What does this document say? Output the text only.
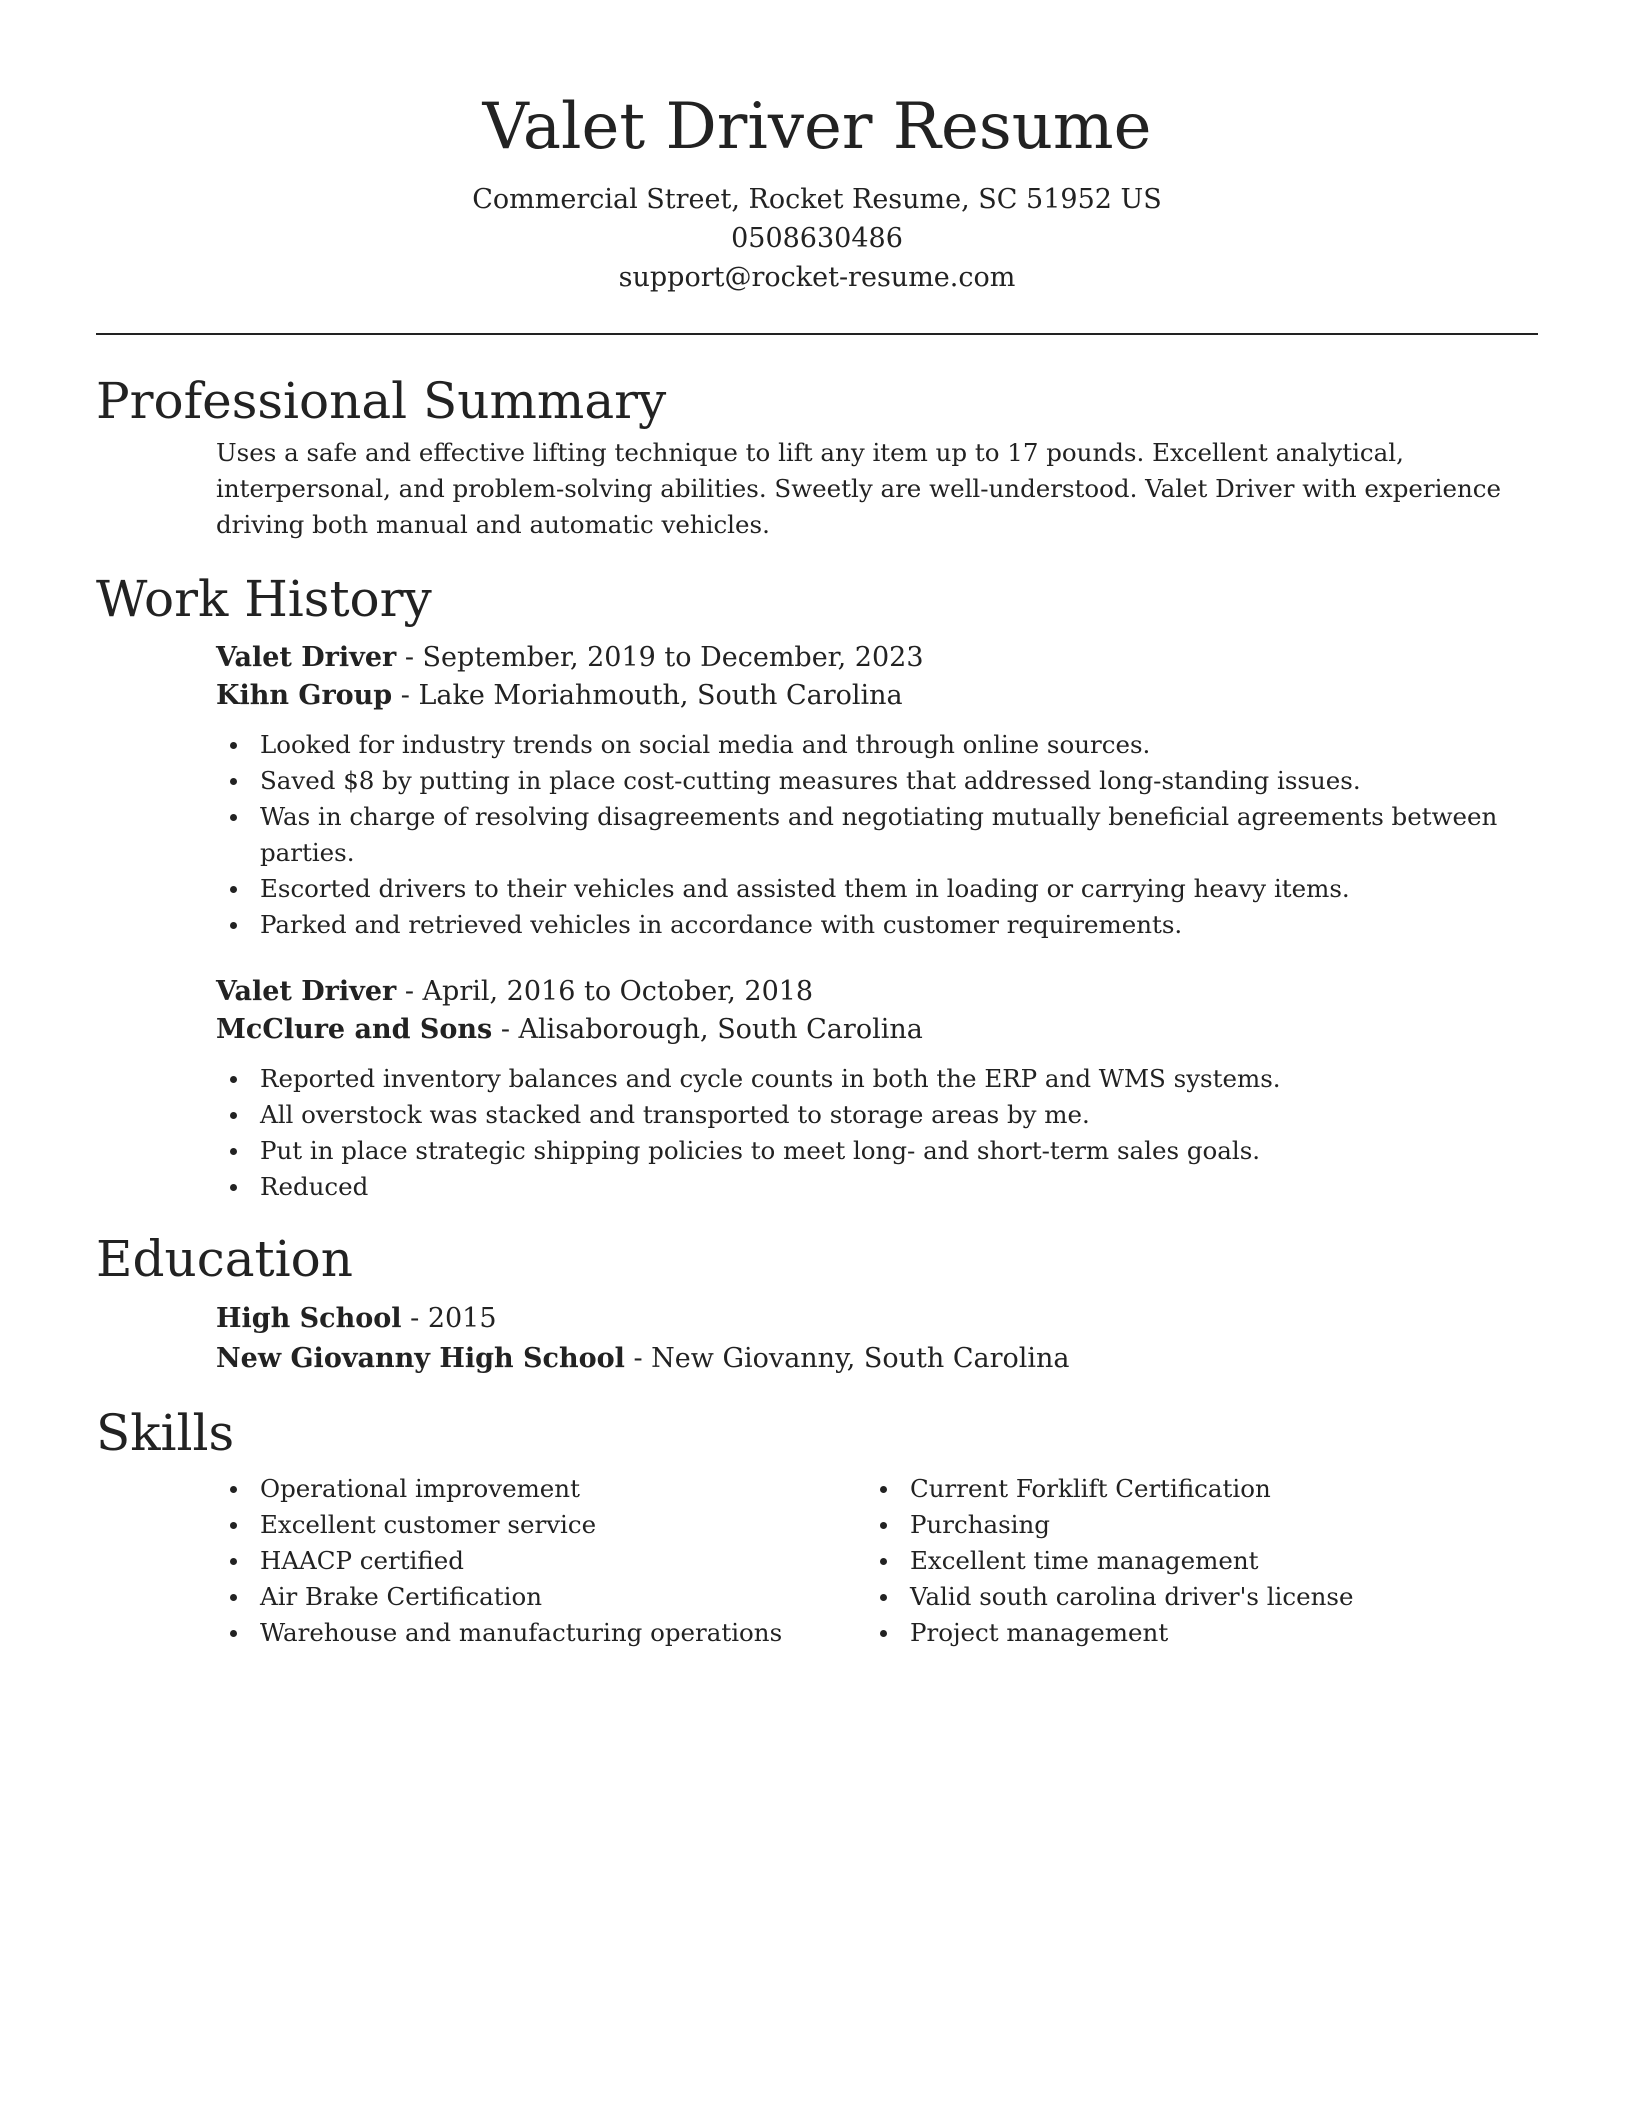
Valet Driver Resume

Commercial Street, Rocket Resume, SC 51952 US

0508630486

support@rocket-resume.com

Professional Summary

Uses a safe and effective lifting technique to lift any item up to 17 pounds. Excellent analytical, interpersonal, and problem-solving abilities. Sweetly are well-understood. Valet Driver with experience driving both manual and automatic vehicles.

Work History

Valet Driver - September, 2019 to December, 2023

Kihn Group - Lake Moriahmouth, South Carolina

Looked for industry trends on social media and through online sources.
Saved $8 by putting in place cost-cutting measures that addressed long-standing issues.
Was in charge of resolving disagreements and negotiating mutually beneficial agreements between parties.
Escorted drivers to their vehicles and assisted them in loading or carrying heavy items.
Parked and retrieved vehicles in accordance with customer requirements.

Valet Driver - April, 2016 to October, 2018

McClure and Sons - Alisaborough, South Carolina

Reported inventory balances and cycle counts in both the ERP and WMS systems.
All overstock was stacked and transported to storage areas by me.
Put in place strategic shipping policies to meet long- and short-term sales goals.
Reduced
Education

High School - 2015

New Giovanny High School - New Giovanny, South Carolina

Skills
Operational improvement
Excellent customer service
HAACP certified
Air Brake Certification
Warehouse and manufacturing operations
Current Forklift Certification
Purchasing
Excellent time management
Valid south carolina driver's license
Project management
